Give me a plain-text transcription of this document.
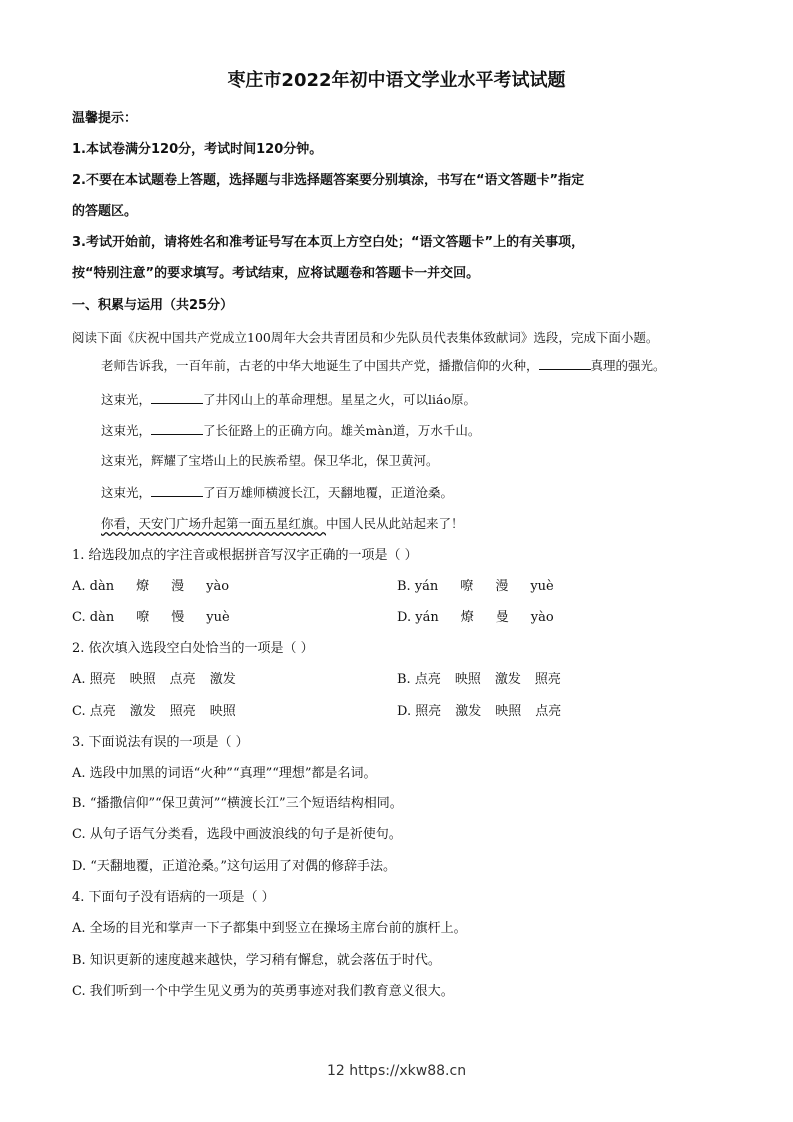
枣庄市2022年初中语文学业水平考试试题
温馨提示：
1.本试卷满分120分，考试时间120分钟。
2.不要在本试题卷上答题，选择题与非选择题答案要分别填涂，书写在“语文答题卡”指定
的答题区。
3.考试开始前，请将姓名和准考证号写在本页上方空白处；“语文答题卡”上的有关事项，
按“特别注意”的要求填写。考试结束，应将试题卷和答题卡一并交回。
一、积累与运用（共25分）
阅读下面《庆祝中国共产党成立100周年大会共青团员和少先队员代表集体致献词》选段，完成下面小题。
老师告诉我，一百年前，古老的中华大地诞生了中国共产党，播撒信仰的火种，	真理的强光。
这束光，	了井冈山上的革命理想。星星之火，可以liáo原。
这束光，	了长征路上的正确方向。雄关màn道，万水千山。
这束光，辉耀了宝塔山上的民族希望。保卫华北，保卫黄河。
这束光，	了百万雄师横渡长江，天翻地覆，正道沧桑。
你看，天安门广场升起第一面五星红旗。中国人民从此站起来了！
1. 给选段加点的字注音或根据拼音写汉字正确的一项是（ ）
A. dàn 燎 漫 yào	B. yán 嘹 漫 yuè
C. dàn 嘹 慢 yuè	D. yán 燎 曼 yào
2. 依次填入选段空白处恰当的一项是（ ）
A. 照亮 映照 点亮 激发	B. 点亮 映照 激发 照亮
C. 点亮 激发 照亮 映照	D. 照亮 激发 映照 点亮
3. 下面说法有误的一项是（ ）
A. 选段中加黑的词语“火种”“真理”“理想”都是名词。
B. “播撒信仰”“保卫黄河”“横渡长江”三个短语结构相同。
C. 从句子语气分类看，选段中画波浪线的句子是祈使句。
D. “天翻地覆，正道沧桑。”这句运用了对偶的修辞手法。
4. 下面句子没有语病的一项是（ ）
A. 全场的目光和掌声一下子都集中到竖立在操场主席台前的旗杆上。
B. 知识更新的速度越来越快，学习稍有懈怠，就会落伍于时代。
C. 我们听到一个中学生见义勇为的英勇事迹对我们教育意义很大。
12 https://xkw88.cn
